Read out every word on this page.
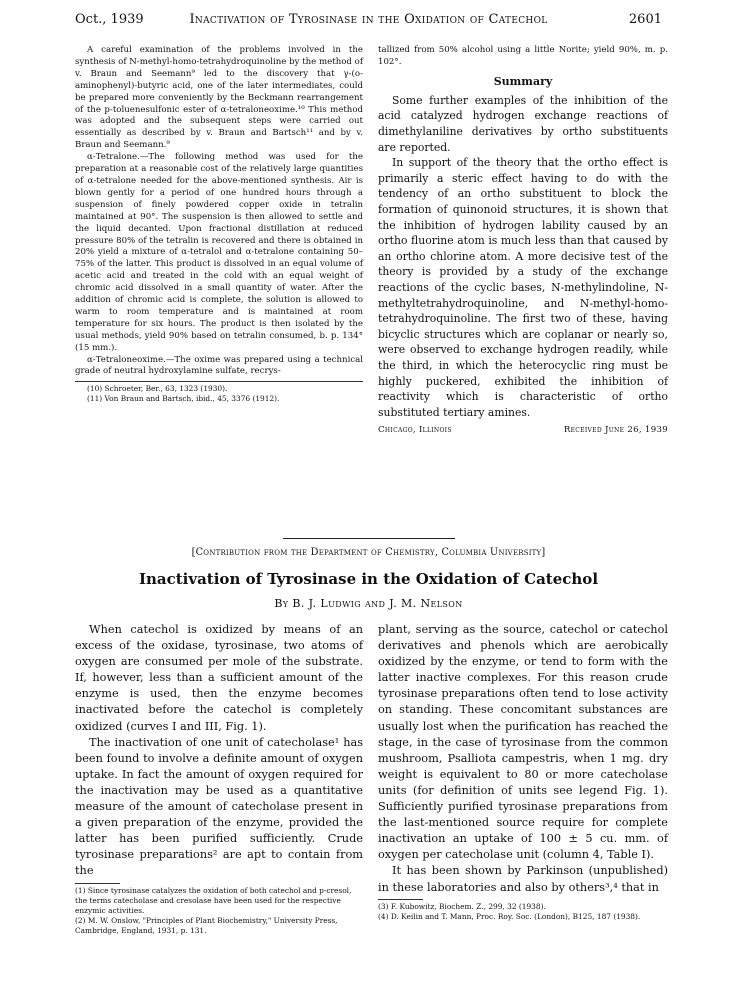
Oct., 1939	Inactivation of Tyrosinase in the Oxidation of Catechol	2601

A careful examination of the problems involved in the synthesis of N-methyl-homo-tetrahydroquinoline by the method of v. Braun and Seemann⁹ led to the discovery that γ-(o-aminophenyl)-butyric acid, one of the later intermediates, could be prepared more conveniently by the Beckmann rearrangement of the p-toluenesulfonic ester of α-tetraloneoxime.¹⁰ This method was adopted and the subsequent steps were carried out essentially as described by v. Braun and Bartsch¹¹ and by v. Braun and Seemann.⁹

α-Tetralone.—The following method was used for the preparation at a reasonable cost of the relatively large quantities of α-tetralone needed for the above-mentioned synthesis. Air is blown gently for a period of one hundred hours through a suspension of finely powdered copper oxide in tetralin maintained at 90°. The suspension is then allowed to settle and the liquid decanted. Upon fractional distillation at reduced pressure 80% of the tetralin is recovered and there is obtained in 20% yield a mixture of α-tetralol and α-tetralone containing 50–75% of the latter. This product is dissolved in an equal volume of acetic acid and treated in the cold with an equal weight of chromic acid dissolved in a small quantity of water. After the addition of chromic acid is complete, the solution is allowed to warm to room temperature and is maintained at room temperature for six hours. The product is then isolated by the usual methods, yield 90% based on tetralin consumed, b. p. 134° (15 mm.).

α-Tetraloneoxime.—The oxime was prepared using a technical grade of neutral hydroxylamine sulfate, recrys-

(10) Schroeter, Ber., 63, 1323 (1930).

(11) Von Braun and Bartsch, ibid., 45, 3376 (1912).

tallized from 50% alcohol using a little Norite; yield 90%, m. p. 102°.

Summary

Some further examples of the inhibition of the acid catalyzed hydrogen exchange reactions of dimethylaniline derivatives by ortho substituents are reported.

In support of the theory that the ortho effect is primarily a steric effect having to do with the tendency of an ortho substituent to block the formation of quinonoid structures, it is shown that the inhibition of hydrogen lability caused by an ortho fluorine atom is much less than that caused by an ortho chlorine atom. A more decisive test of the theory is provided by a study of the exchange reactions of the cyclic bases, N-methylindoline, N-methyltetrahydroquinoline, and N-methyl-homo-tetrahydroquinoline. The first two of these, having bicyclic structures which are coplanar or nearly so, were observed to exchange hydrogen readily, while the third, in which the heterocyclic ring must be highly puckered, exhibited the inhibition of reactivity which is characteristic of ortho substituted tertiary amines.

Chicago, Illinois	Received June 26, 1939
[Contribution from the Department of Chemistry, Columbia University]
Inactivation of Tyrosinase in the Oxidation of Catechol
By B. J. Ludwig and J. M. Nelson

When catechol is oxidized by means of an excess of the oxidase, tyrosinase, two atoms of oxygen are consumed per mole of the substrate. If, however, less than a sufficient amount of the enzyme is used, then the enzyme becomes inactivated before the catechol is completely oxidized (curves I and III, Fig. 1).

The inactivation of one unit of catecholase¹ has been found to involve a definite amount of oxygen uptake. In fact the amount of oxygen required for the inactivation may be used as a quantitative measure of the amount of catecholase present in a given preparation of the enzyme, provided the latter has been purified sufficiently. Crude tyrosinase preparations² are apt to contain from the

(1) Since tyrosinase catalyzes the oxidation of both catechol and p-cresol, the terms catecholase and cresolase have been used for the respective enzymic activities.

(2) M. W. Onslow, "Principles of Plant Biochemistry," University Press, Cambridge, England, 1931, p. 131.

plant, serving as the source, catechol or catechol derivatives and phenols which are aerobically oxidized by the enzyme, or tend to form with the latter inactive complexes. For this reason crude tyrosinase preparations often tend to lose activity on standing. These concomitant substances are usually lost when the purification has reached the stage, in the case of tyrosinase from the common mushroom, Psalliota campestris, when 1 mg. dry weight is equivalent to 80 or more catecholase units (for definition of units see legend Fig. 1). Sufficiently purified tyrosinase preparations from the last-mentioned source require for complete inactivation an uptake of 100 ± 5 cu. mm. of oxygen per catecholase unit (column 4, Table I).

It has been shown by Parkinson (unpublished) in these laboratories and also by others³,⁴ that in

(3) F. Kubowitz, Biochem. Z., 299, 32 (1938).

(4) D. Keilin and T. Mann, Proc. Roy. Soc. (London), B125, 187 (1938).
